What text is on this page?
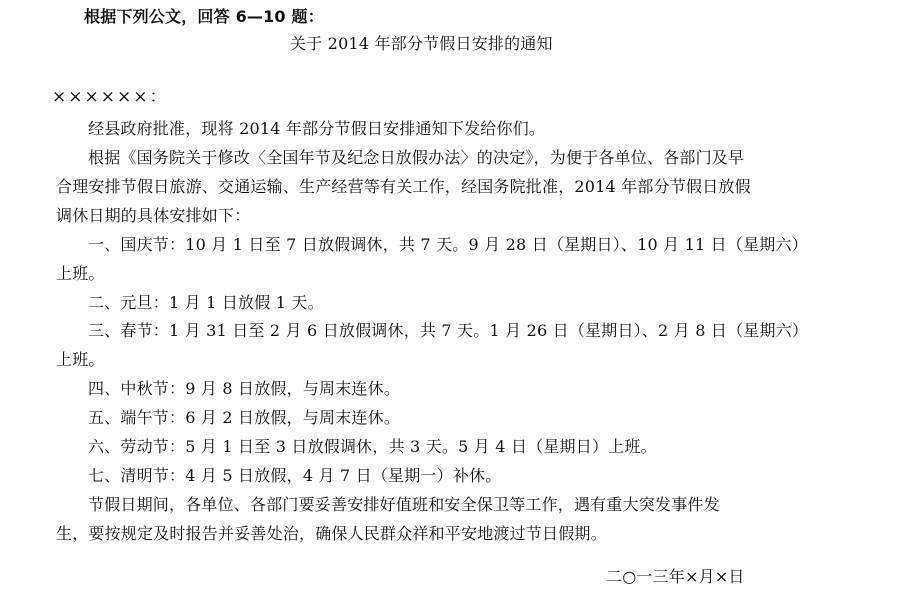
根据下列公文，回答 6—10 题：
关于 2014 年部分节假日安排的通知
××××××：
经县政府批准，现将 2014 年部分节假日安排通知下发给你们。
根据《国务院关于修改〈全国年节及纪念日放假办法〉的决定》，为便于各单位、各部门及早
合理安排节假日旅游、交通运输、生产经营等有关工作，经国务院批准，2014 年部分节假日放假
调休日期的具体安排如下：
一、国庆节：10 月 1 日至 7 日放假调休，共 7 天。9 月 28 日（星期日）、10 月 11 日（星期六）
上班。
二、元旦：1 月 1 日放假 1 天。
三、春节：1 月 31 日至 2 月 6 日放假调休，共 7 天。1 月 26 日（星期日）、2 月 8 日（星期六）
上班。
四、中秋节：9 月 8 日放假，与周末连休。
五、端午节：6 月 2 日放假，与周末连休。
六、劳动节：5 月 1 日至 3 日放假调休，共 3 天。5 月 4 日（星期日）上班。
七、清明节：4 月 5 日放假，4 月 7 日（星期一）补休。
节假日期间，各单位、各部门要妥善安排好值班和安全保卫等工作，遇有重大突发事件发
生，要按规定及时报告并妥善处治，确保人民群众祥和平安地渡过节日假期。
二○一三年×月×日
